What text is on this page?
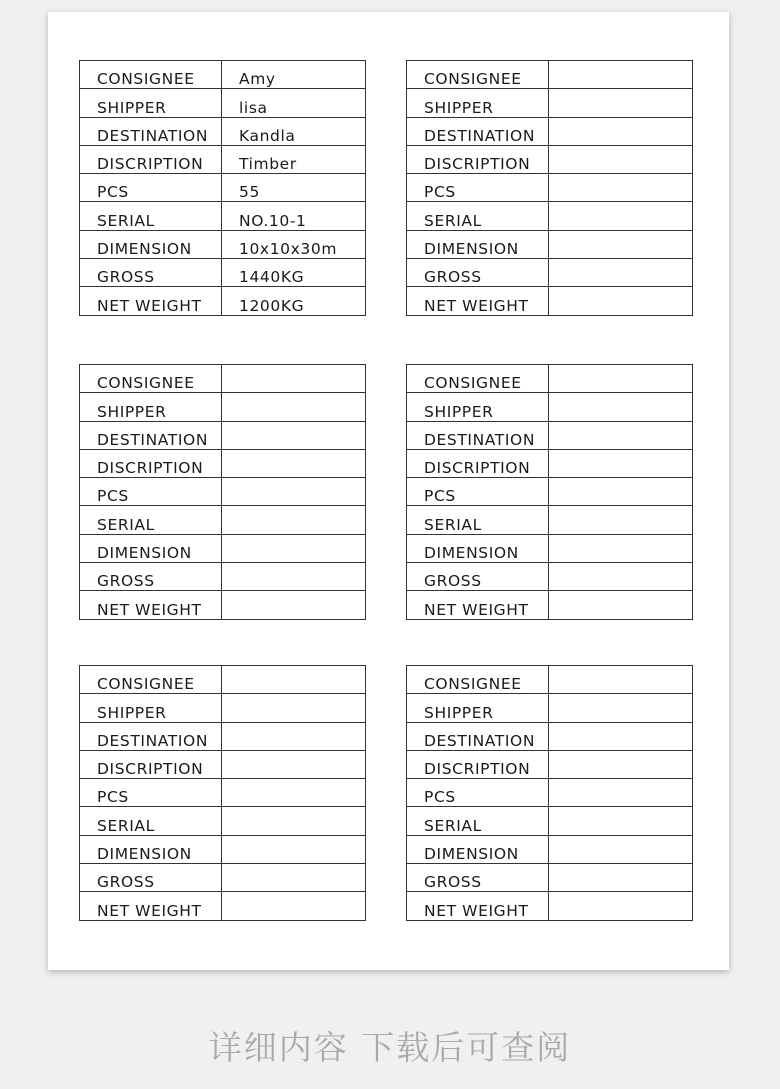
CONSIGNEE	Amy
SHIPPER	lisa
DESTINATION	Kandla
DISCRIPTION	Timber
PCS	55
SERIAL	NO.10-1
DIMENSION	10x10x30m
GROSS	1440KG
NET WEIGHT	1200KG
CONSIGNEE	
SHIPPER	
DESTINATION	
DISCRIPTION	
PCS	
SERIAL	
DIMENSION	
GROSS	
NET WEIGHT	
CONSIGNEE	
SHIPPER	
DESTINATION	
DISCRIPTION	
PCS	
SERIAL	
DIMENSION	
GROSS	
NET WEIGHT	
CONSIGNEE	
SHIPPER	
DESTINATION	
DISCRIPTION	
PCS	
SERIAL	
DIMENSION	
GROSS	
NET WEIGHT	
CONSIGNEE	
SHIPPER	
DESTINATION	
DISCRIPTION	
PCS	
SERIAL	
DIMENSION	
GROSS	
NET WEIGHT	
CONSIGNEE	
SHIPPER	
DESTINATION	
DISCRIPTION	
PCS	
SERIAL	
DIMENSION	
GROSS	
NET WEIGHT	
详细内容 下载后可查阅
